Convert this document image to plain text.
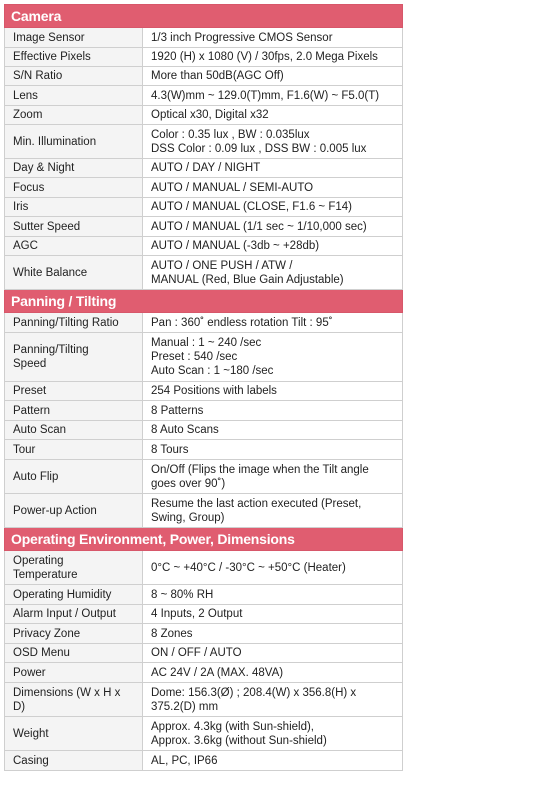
Camera	

Image Sensor	1/3 inch Progressive CMOS Sensor

Effective Pixels	1920 (H) x 1080 (V) / 30fps, 2.0 Mega Pixels

S/N Ratio	More than 50dB(AGC Off)

Lens	4.3(W)mm ~ 129.0(T)mm, F1.6(W) ~ F5.0(T)

Zoom	Optical x30, Digital x32

Min. Illumination	Color : 0.35 lux , BW : 0.035lux
DSS Color : 0.09 lux , DSS BW : 0.005 lux

Day & Night	AUTO / DAY / NIGHT

Focus	AUTO / MANUAL / SEMI-AUTO

Iris	AUTO / MANUAL (CLOSE, F1.6 ~ F14)

Sutter Speed	AUTO / MANUAL (1/1 sec ~ 1/10,000 sec)

AGC	AUTO / MANUAL (-3db ~ +28db)

White Balance	AUTO / ONE PUSH / ATW /
MANUAL (Red, Blue Gain Adjustable)

Panning / Tilting	

Panning/Tilting Ratio	Pan : 360˚ endless rotation Tilt : 95˚

Panning/Tilting
Speed	Manual : 1 ~ 240 /sec
Preset : 540 /sec
Auto Scan : 1 ~180 /sec

Preset	254 Positions with labels

Pattern	8 Patterns

Auto Scan	8 Auto Scans

Tour	8 Tours

Auto Flip	On/Off (Flips the image when the Tilt angle
goes over 90˚)

Power-up Action	Resume the last action executed (Preset,
Swing, Group)

Operating Environment, Power, Dimensions	

Operating
Temperature	0°C ~ +40°C / -30°C ~ +50°C (Heater)

Operating Humidity	8 ~ 80% RH

Alarm Input / Output	4 Inputs, 2 Output

Privacy Zone	8 Zones

OSD Menu	ON / OFF / AUTO

Power	AC 24V / 2A (MAX. 48VA)

Dimensions (W x H x
D)	Dome: 156.3(Ø) ; 208.4(W) x 356.8(H) x
375.2(D) mm

Weight	Approx. 4.3kg (with Sun-shield),
Approx. 3.6kg (without Sun-shield)

Casing	AL, PC, IP66
